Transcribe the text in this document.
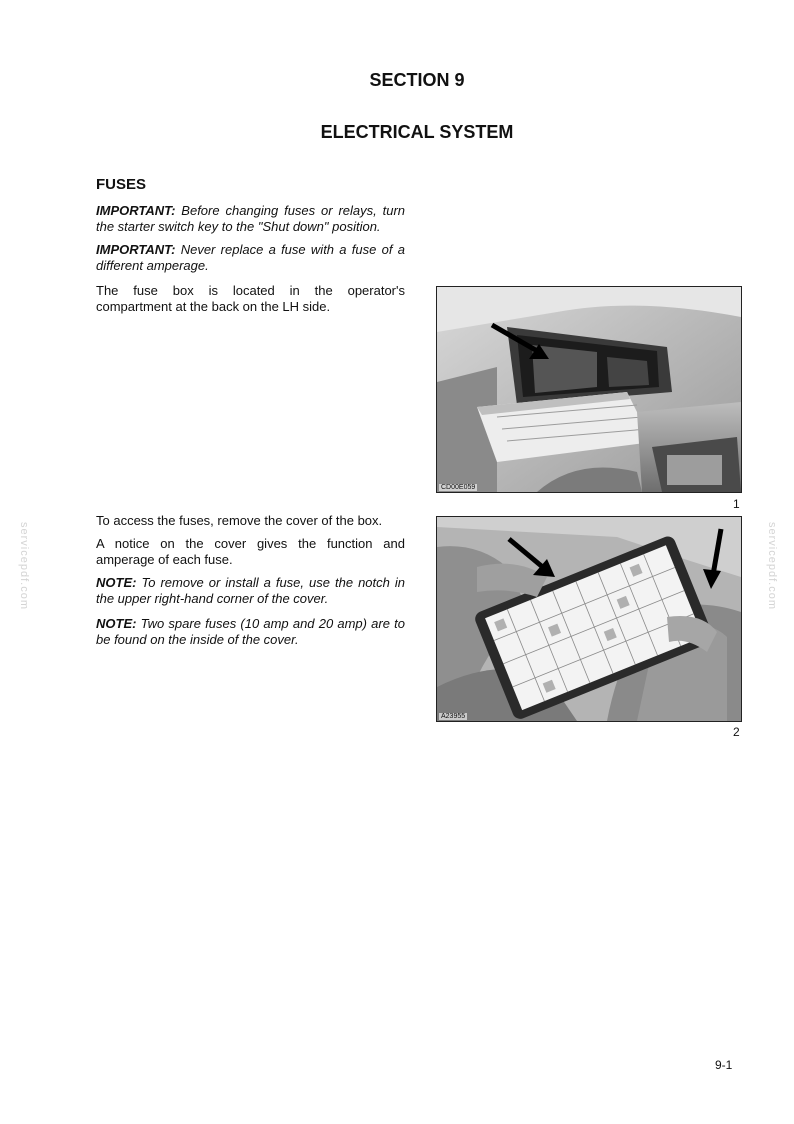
SECTION 9
ELECTRICAL SYSTEM
FUSES

IMPORTANT: Before changing fuses or relays, turn the starter switch key to the "Shut down" position.

IMPORTANT: Never replace a fuse with a fuse of a different amperage.

The fuse box is located in the operator's compartment at the back on the LH side.

To access the fuses, remove the cover of the box.

A notice on the cover gives the function and amperage of each fuse.

NOTE: To remove or install a fuse, use the notch in the upper right-hand corner of the cover.

NOTE: Two spare fuses (10 amp and 20 amp) are to be found on the inside of the cover.

CD00E059
1
A23955
2
servicepdf.com	servicepdf.com
9-1
